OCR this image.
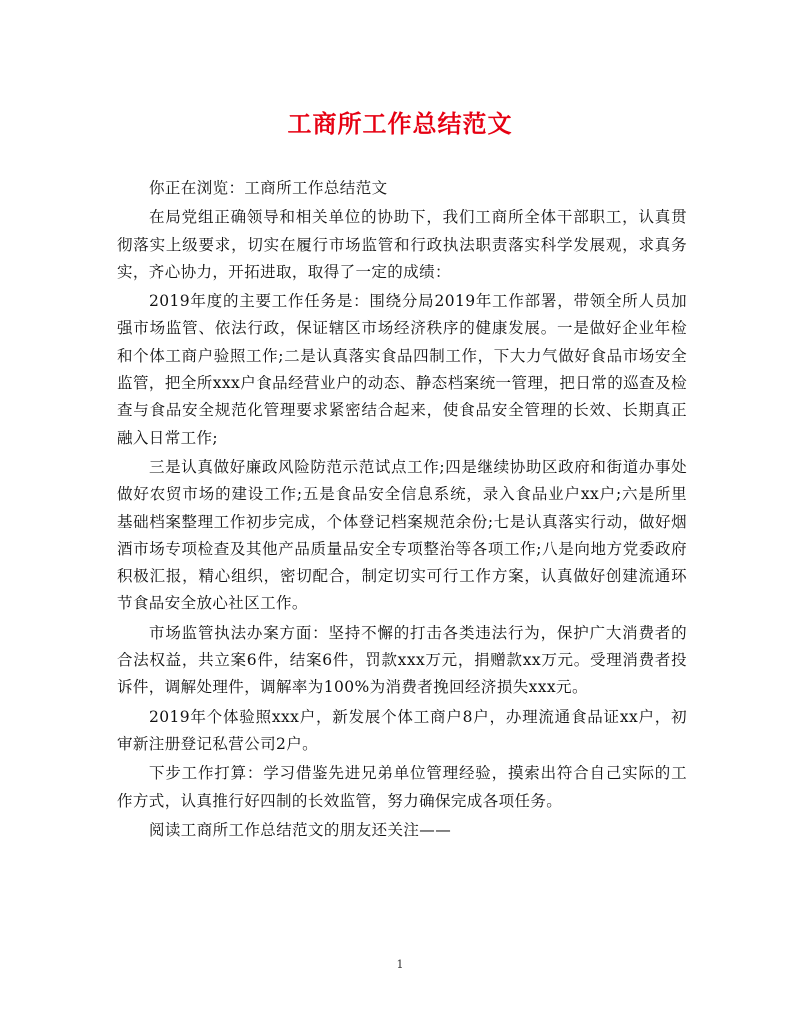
工商所工作总结范文

你正在浏览：工商所工作总结范文

在局党组正确领导和相关单位的协助下，我们工商所全体干部职工，认真贯彻落实上级要求，切实在履行市场监管和行政执法职责落实科学发展观，求真务实，齐心协力，开拓进取，取得了一定的成绩：

2019年度的主要工作任务是：围绕分局2019年工作部署，带领全所人员加强市场监管、依法行政，保证辖区市场经济秩序的健康发展。一是做好企业年检和个体工商户验照工作;二是认真落实食品四制工作，下大力气做好食品市场安全监管，把全所xxx户食品经营业户的动态、静态档案统一管理，把日常的巡查及检查与食品安全规范化管理要求紧密结合起来，使食品安全管理的长效、长期真正融入日常工作;

三是认真做好廉政风险防范示范试点工作;四是继续协助区政府和街道办事处做好农贸市场的建设工作;五是食品安全信息系统，录入食品业户xx户;六是所里基础档案整理工作初步完成，个体登记档案规范余份;七是认真落实行动，做好烟酒市场专项检查及其他产品质量品安全专项整治等各项工作;八是向地方党委政府积极汇报，精心组织，密切配合，制定切实可行工作方案，认真做好创建流通环节食品安全放心社区工作。

市场监管执法办案方面：坚持不懈的打击各类违法行为，保护广大消费者的合法权益，共立案6件，结案6件，罚款xxx万元，捐赠款xx万元。受理消费者投诉件，调解处理件，调解率为100%为消费者挽回经济损失xxx元。

2019年个体验照xxx户，新发展个体工商户8户，办理流通食品证xx户，初审新注册登记私营公司2户。

下步工作打算：学习借鉴先进兄弟单位管理经验，摸索出符合自己实际的工作方式，认真推行好四制的长效监管，努力确保完成各项任务。

阅读工商所工作总结范文的朋友还关注——

1
